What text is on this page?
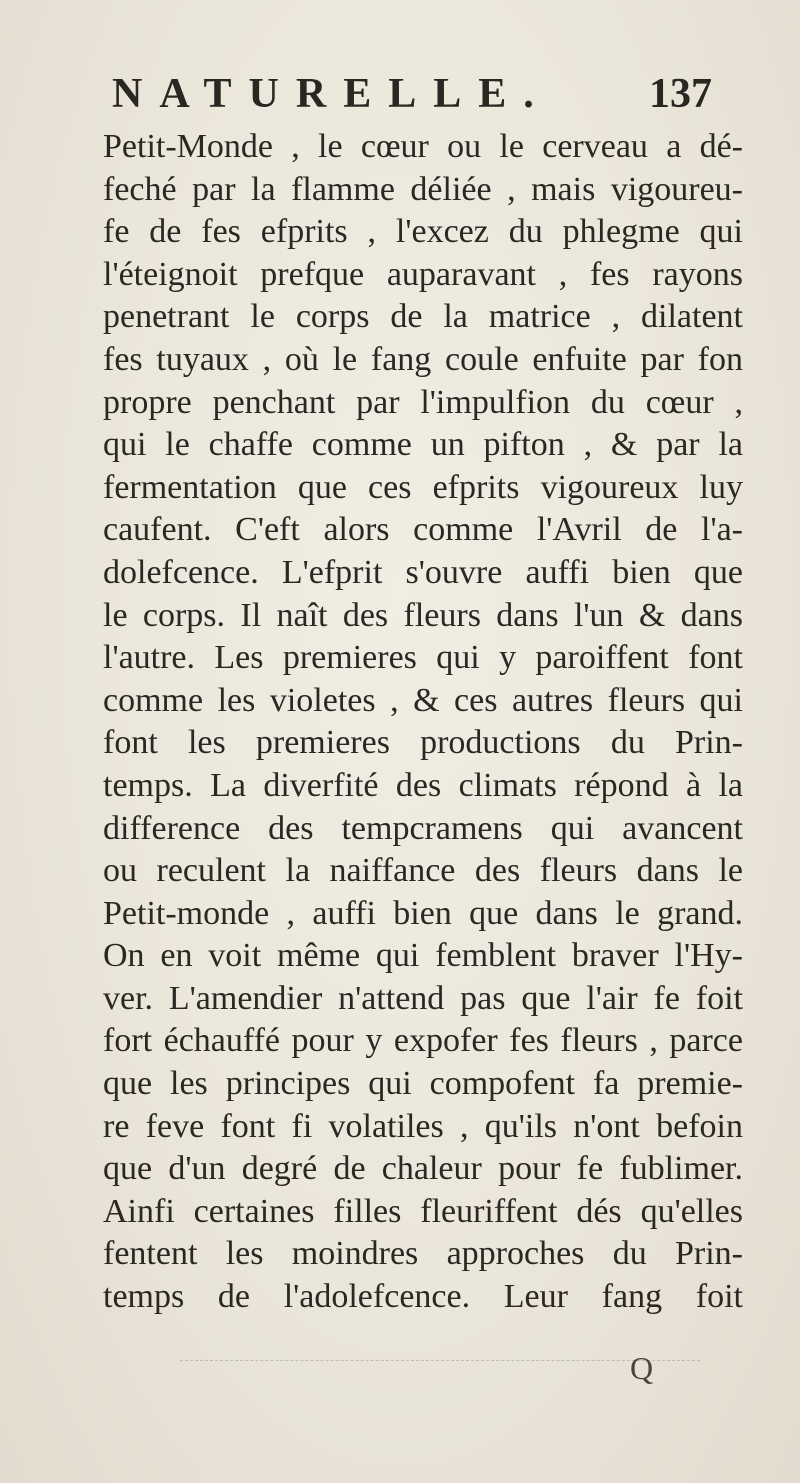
NATURELLE. 137
Petit-Monde , le cœur ou le cerveau a dé-
feché par la flamme déliée , mais vigoureu-
fe de fes efprits , l'excez du phlegme qui
l'éteignoit prefque auparavant , fes rayons
penetrant le corps de la matrice , dilatent
fes tuyaux , où le fang coule enfuite par fon
propre penchant par l'impulfion du cœur ,
qui le chaffe comme un pifton , & par la
fermentation que ces efprits vigoureux luy
caufent. C'eft alors comme l'Avril de l'a-
dolefcence. L'efprit s'ouvre auffi bien que
le corps. Il naît des fleurs dans l'un & dans
l'autre. Les premieres qui y paroiffent font
comme les violetes , & ces autres fleurs qui
font les premieres productions du Prin-
temps. La diverfité des climats répond à la
difference des tempcramens qui avancent
ou reculent la naiffance des fleurs dans le
Petit-monde , auffi bien que dans le grand.
On en voit même qui femblent braver l'Hy-
ver. L'amendier n'attend pas que l'air fe foit
fort échauffé pour y expofer fes fleurs , parce
que les principes qui compofent fa premie-
re feve font fi volatiles , qu'ils n'ont befoin
que d'un degré de chaleur pour fe fublimer.
Ainfi certaines filles fleuriffent dés qu'elles
fentent les moindres approches du Prin-
temps de l'adolefcence. Leur fang foit
Q
